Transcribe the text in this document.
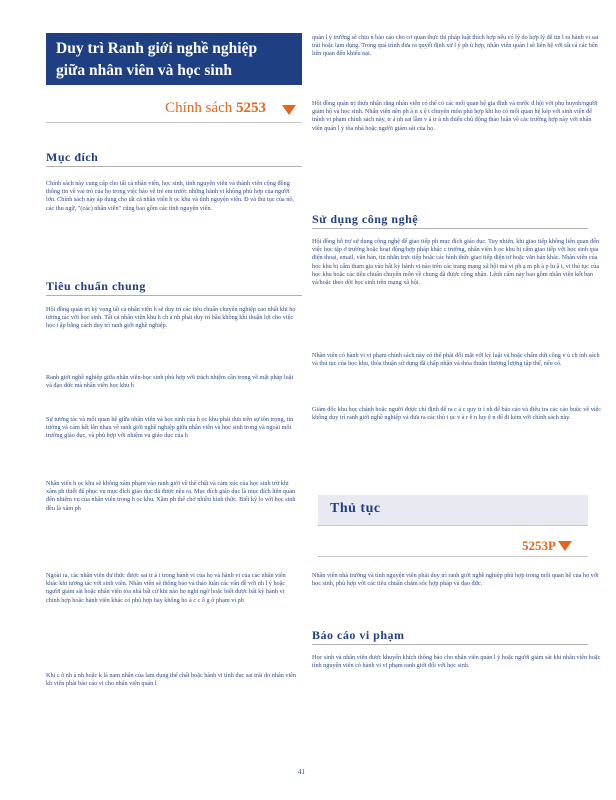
Duy trì Ranh giới nghề nghiệp
giữa nhân viên và học sinh
Chính sách 5253
Mục đích

Chính sách này cung cấp cho tất cả nhân viên, học sinh, tình nguyện viên và thành viên cộng đồng thông tin về vai trò của họ trong việc bảo vệ trẻ em trước những hành vi không phù hợp của người lớn. Chính sách này áp dụng cho tất cả nhân viên h ọc khu và tình nguyện viên. Đ và thủ tục của nó, các thu ngữ, "(các) nhân viên" cũng bao gồm các tình nguyện viên.

Tiêu chuẩn chung

Hội đồng quản trị kỳ vọng tất cả nhân viên h sẽ duy trì các tiêu chuẩn chuyên nghiệp cao nhất khi họ tương tác với học sinh. Tất cả nhân viên khu h ch ả nh phải duy trì bầu không khí thuận lợi cho việc học t ập bằng cách duy trì ranh giới nghề nghiệp.

Ranh giới nghề nghiệp giữa nhân viên-học sinh phù hợp với trách nhiệm cần trọng về mặt pháp luật và đạo đức mà nhân viên học khu h

Sự tương tác và mối quan hệ giữa nhân viên và học sinh của h ọc khu phải dựa trên sự tôn trọng, tin tưởng và cảm kết lẫn nhau về ranh giới nghề nghiệp giữa nhân viên và học sinh trong và ngoài môi trường giáo dục, và phù hợp với nhiệm vụ giáo dục của h

Nhân viên h ọc khu sẽ không xâm phạm vào ranh giới về thể chất và cảm xúc của học sinh trừ khi xâm ph thiết để phục vụ mục đích giáo dục đã được nêu ra. Mục đích giáo dục là mục đích liên quan đến nhiệm vụ của nhân viên trong h ọc khu. Xâm ph thể chờ nhiều hình thức. Biết kỹ lo với học sinh đều là xâm ph

Ngoài ra, các nhân viên đư thức được sai tr ả i trong hành vi của họ và hành vi của các nhân viên khác khi tương tác với sinh viên. Nhân viên sẽ thông báo và thảo luận các vấn đề với nh l ý hoặc người giám sát hoặc nhân viên tóa nhà bất cứ khi nào họ nghi ngờ hoặc biết được bất kỳ hành vi chính hợp hoặc hành viên khác có phù hợp hay không ho ả c c ô g ở phạm vi ph

Khi c ô nh ả nh hoặc k lá nam nhân của lam dụng thể chất hoặc hành vi tình dục sai trái do nhân viên kh viên phải báo cáo vi cho nhân viên quản l

quản l ý trường sẽ chịu n báo cáo cho cơ quan thực thi pháp luật thích hợp nếu có lý do hợp lý để tin l ra hành vi sai trái hoặc lạm dụng. Trong quá trình đưa ra quyết định xử l ý ph ù hợp, nhân viên quản l sẽ liên hệ với tất cả các bên liên quan đến khiếu nại.

Hội đồng quản trị thừa nhận rằng nhân viên có thể có các mối quan hệ gia đình và trước đ hội với phụ huynh/người giám hộ và học sinh. Nhân viên nên ph ả n x ệ t chuyên môn phù hợp khi họ có mối quan hệ kép với sinh viên để tránh vi phạm chính sách này, tr ả nh sai lầm v ả tr ả nh thiếu chú động thảo luận về các trường hợp này với nhân viên quản l ý tòa nhà hoặc người giám sát của họ.

Sử dụng công nghệ

Hội đồng hỗ trợ sử dụng công nghệ để giao tiếp ph mục đích giáo dục. Tuy nhiên, khi giao tiếp không liên quan đến việc học tập ở trường hoặc hoạt động/hợp pháp khác c trường, nhân viên h ọc khu bị cấm giao tiếp với học sinh qua điện thoại, email, văn bản, tin nhắn trực tiếp hoặc các hình thức giao tiếp điện tử hoặc văn bản khác. Nhân viên của học khu bị cấm tham gia vào bất kỳ hành vi nào trên các trang mạng xã hội mà vi ph ạ m ph ả p lu ậ t, vi thủ tục của học khu hoặc các tiêu chuẩn chuyên môn về chung đã được công nhận. Lệnh cấm này bao gồm nhân viên kết bạn và/hoặc theo dõi học sinh trên mạng xã hội.

Nhân viên có hành vi vi phạm chính sách này có thể phải đối mặt với kỷ luật và hoặc chấm dứt công v ủ ch ính sách và thủ tục của học khu, thỏa thuận sử dụng đã chấp nhận và thỏa thuận thương lượng tập thể, nếu có.

Giám đốc khu học chánh hoặc người được chỉ định để ra c ả c quy tr ì nh để báo cáo và điều tra các cáo buộc về việc không duy trì ranh giới nghề nghiệp và đưa ra các thủ t ục v à r ê n luy ệ n để đi kèm với chính sách này.

Thủ tục
5253P

Nhân viên nhà trường và tình nguyện viên phải duy trì ranh giới nghề nghiệp phù hợp trong mối quan hệ của họ với học sinh, phù hợp với các tiêu chuẩn chăm sóc hợp pháp và đạo đức.

Báo cáo vi phạm

Học sinh và nhân viên được khuyến khích thông báo cho nhân viên quản l ý hoặc người giám sát khi nhân viên hoặc tình nguyện viên có hành vi vi phạm ranh giới đối với học sinh.

41
